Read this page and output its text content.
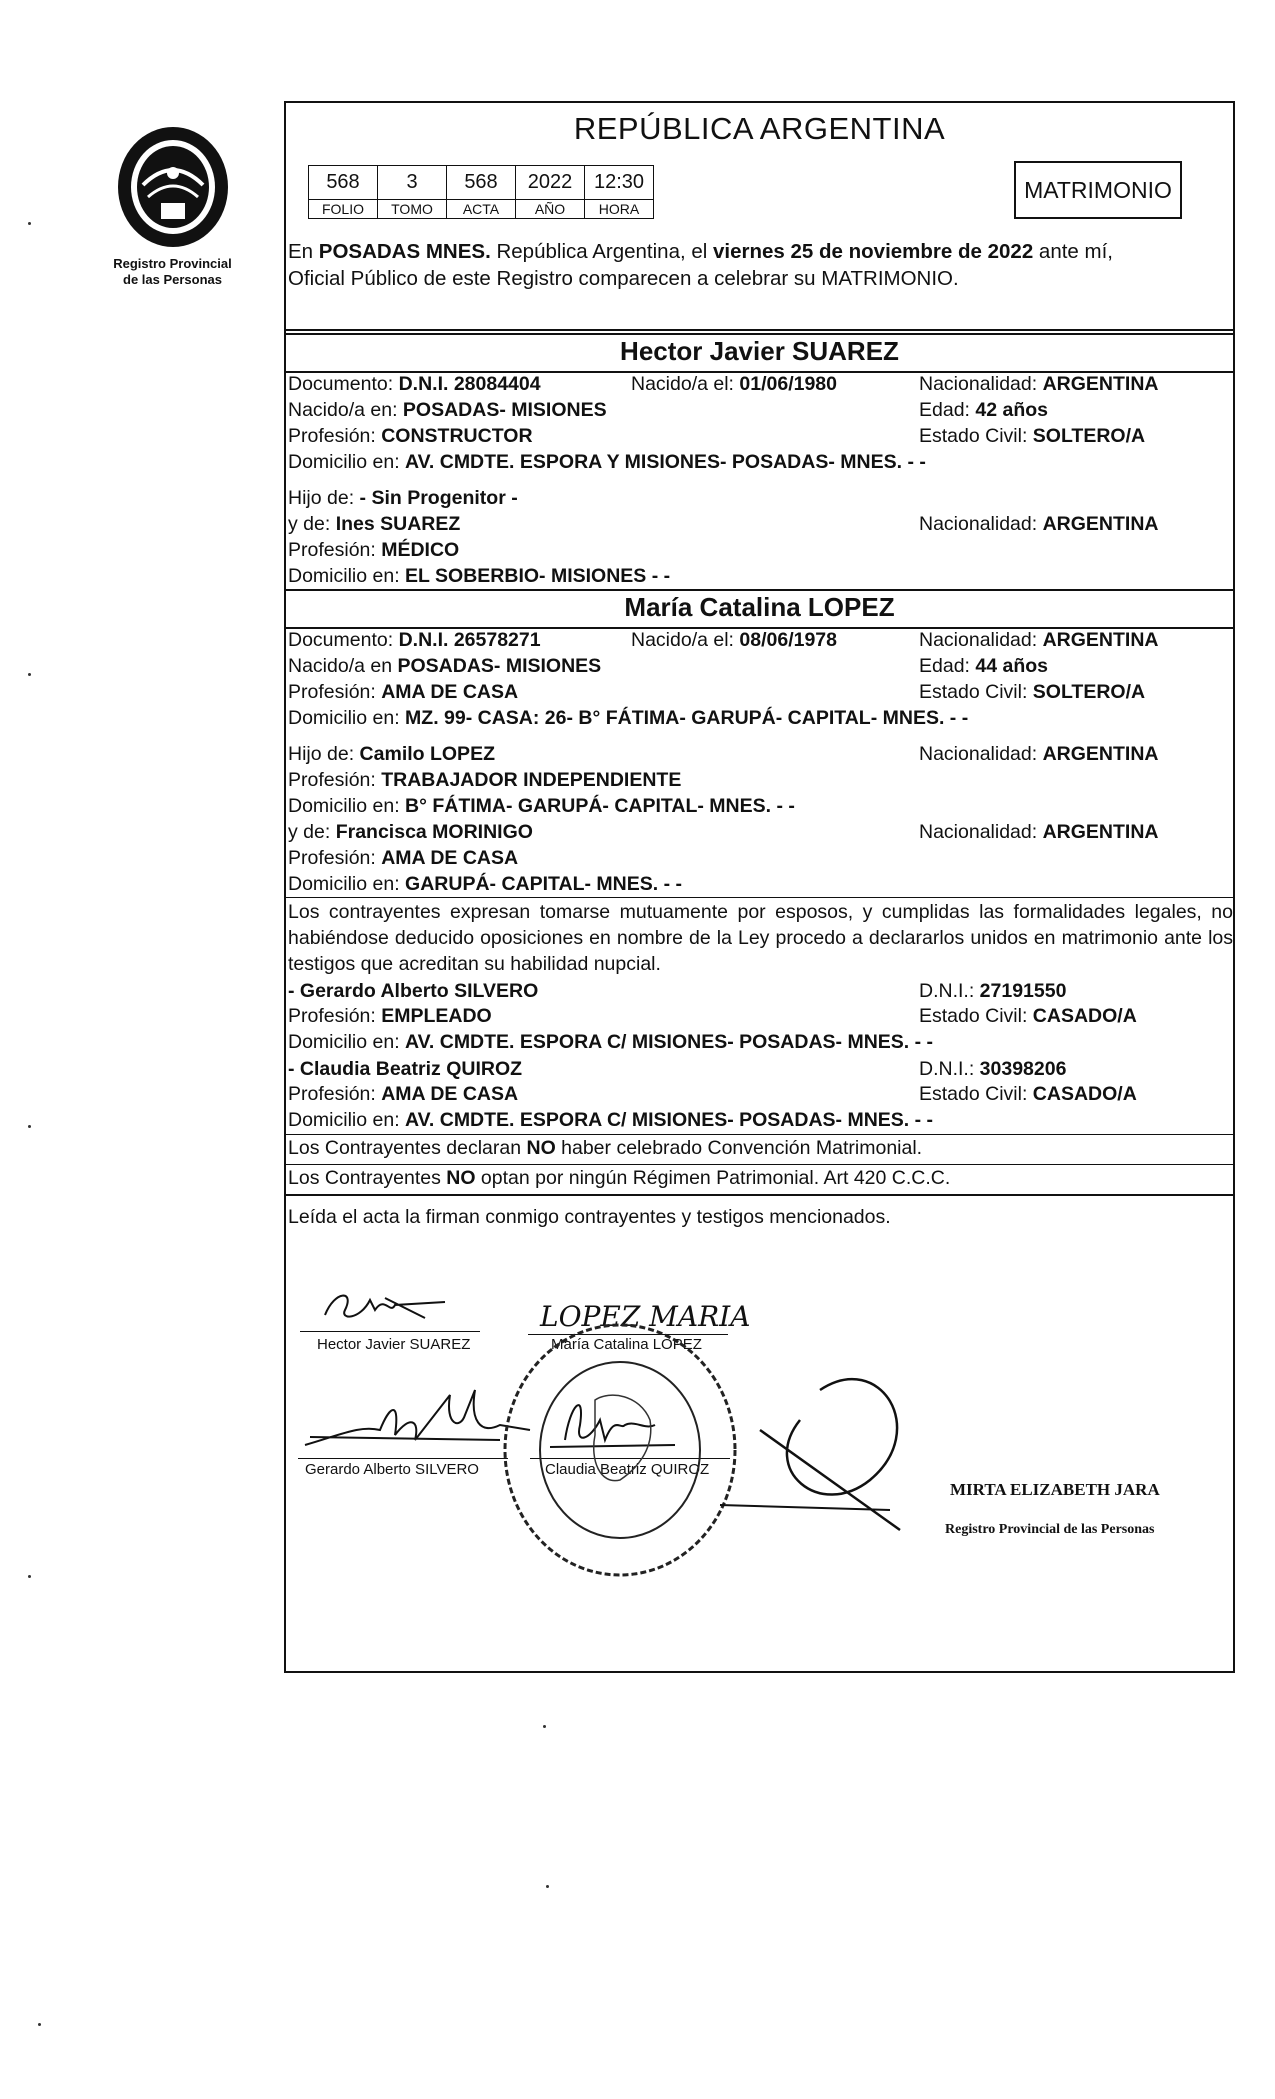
Registro Provincial
de las Personas
REPÚBLICA ARGENTINA
568	3	568	2022	12:30
FOLIO	TOMO	ACTA	AÑO	HORA
MATRIMONIO
En POSADAS MNES. República Argentina, el viernes 25 de noviembre de 2022 ante mí,
Oficial Público de este Registro comparecen a celebrar su MATRIMONIO.
Hector Javier SUAREZ
Documento: D.N.I. 28084404	Nacido/a el: 01/06/1980	Nacionalidad: ARGENTINA
Nacido/a en: POSADAS- MISIONES	Edad: 42 años
Profesión: CONSTRUCTOR	Estado Civil: SOLTERO/A
Domicilio en: AV. CMDTE. ESPORA Y MISIONES- POSADAS- MNES. - -
Hijo de: - Sin Progenitor -
y de: Ines SUAREZ	Nacionalidad: ARGENTINA
Profesión: MÉDICO
Domicilio en: EL SOBERBIO- MISIONES - -
María Catalina LOPEZ
Documento: D.N.I. 26578271	Nacido/a el: 08/06/1978	Nacionalidad: ARGENTINA
Nacido/a en POSADAS- MISIONES	Edad: 44 años
Profesión: AMA DE CASA	Estado Civil: SOLTERO/A
Domicilio en: MZ. 99- CASA: 26- B° FÁTIMA- GARUPÁ- CAPITAL- MNES. - -
Hijo de: Camilo LOPEZ	Nacionalidad: ARGENTINA
Profesión: TRABAJADOR INDEPENDIENTE
Domicilio en: B° FÁTIMA- GARUPÁ- CAPITAL- MNES. - -
y de: Francisca MORINIGO	Nacionalidad: ARGENTINA
Profesión: AMA DE CASA
Domicilio en: GARUPÁ- CAPITAL- MNES. - -
Los contrayentes expresan tomarse mutuamente por esposos, y cumplidas las formalidades legales, no habiéndose deducido oposiciones en nombre de la Ley procedo a declararlos unidos en matrimonio ante los testigos que acreditan su habilidad nupcial.
- Gerardo Alberto SILVERO	D.N.I.: 27191550
Profesión: EMPLEADO	Estado Civil: CASADO/A
Domicilio en: AV. CMDTE. ESPORA C/ MISIONES- POSADAS- MNES. - -
- Claudia Beatriz QUIROZ	D.N.I.: 30398206
Profesión: AMA DE CASA	Estado Civil: CASADO/A
Domicilio en: AV. CMDTE. ESPORA C/ MISIONES- POSADAS- MNES. - -
Los Contrayentes declaran NO haber celebrado Convención Matrimonial.
Los Contrayentes NO optan por ningún Régimen Patrimonial. Art 420 C.C.C.
Leída el acta la firman conmigo contrayentes y testigos mencionados.
Hector Javier SUAREZ
LOPEZ MARIA
María Catalina LOPEZ
Gerardo Alberto SILVERO	Claudia Beatriz QUIROZ
MIRTA ELIZABETH JARA
Registro Provincial de las Personas
